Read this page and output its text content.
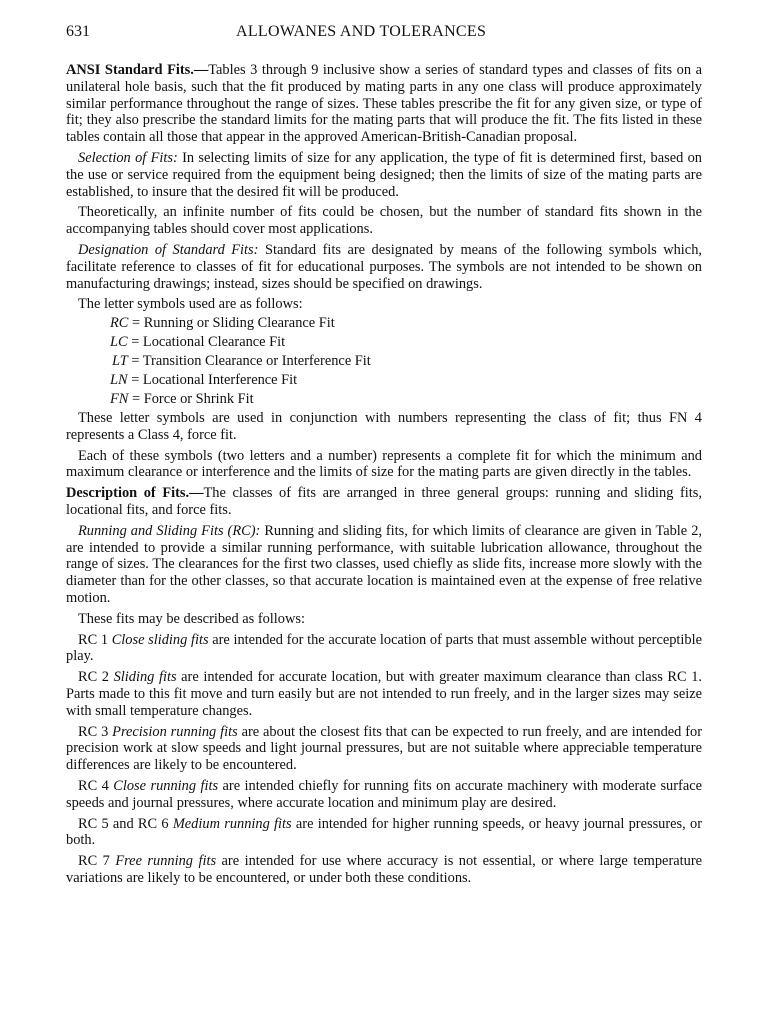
631	ALLOWANES AND TOLERANCES

ANSI Standard Fits.—Tables 3 through 9 inclusive show a series of standard types and classes of fits on a unilateral hole basis, such that the fit produced by mating parts in any one class will produce approximately similar performance throughout the range of sizes. These tables prescribe the fit for any given size, or type of fit; they also prescribe the standard limits for the mating parts that will produce the fit. The fits listed in these tables contain all those that appear in the approved American-British-Canadian proposal.

Selection of Fits: In selecting limits of size for any application, the type of fit is determined first, based on the use or service required from the equipment being designed; then the limits of size of the mating parts are established, to insure that the desired fit will be produced.

Theoretically, an infinite number of fits could be chosen, but the number of standard fits shown in the accompanying tables should cover most applications.

Designation of Standard Fits: Standard fits are designated by means of the following symbols which, facilitate reference to classes of fit for educational purposes. The symbols are not intended to be shown on manufacturing drawings; instead, sizes should be specified on drawings.

The letter symbols used are as follows:

RC = Running or Sliding Clearance Fit
LC = Locational Clearance Fit
LT = Transition Clearance or Interference Fit
LN = Locational Interference Fit
FN = Force or Shrink Fit

These letter symbols are used in conjunction with numbers representing the class of fit; thus FN 4 represents a Class 4, force fit.

Each of these symbols (two letters and a number) represents a complete fit for which the minimum and maximum clearance or interference and the limits of size for the mating parts are given directly in the tables.

Description of Fits.—The classes of fits are arranged in three general groups: running and sliding fits, locational fits, and force fits.

Running and Sliding Fits (RC): Running and sliding fits, for which limits of clearance are given in Table 2, are intended to provide a similar running performance, with suitable lubrication allowance, throughout the range of sizes. The clearances for the first two classes, used chiefly as slide fits, increase more slowly with the diameter than for the other classes, so that accurate location is maintained even at the expense of free relative motion.

These fits may be described as follows:

RC 1 Close sliding fits are intended for the accurate location of parts that must assemble without perceptible play.

RC 2 Sliding fits are intended for accurate location, but with greater maximum clearance than class RC 1. Parts made to this fit move and turn easily but are not intended to run freely, and in the larger sizes may seize with small temperature changes.

RC 3 Precision running fits are about the closest fits that can be expected to run freely, and are intended for precision work at slow speeds and light journal pressures, but are not suitable where appreciable temperature differences are likely to be encountered.

RC 4 Close running fits are intended chiefly for running fits on accurate machinery with moderate surface speeds and journal pressures, where accurate location and minimum play are desired.

RC 5 and RC 6 Medium running fits are intended for higher running speeds, or heavy journal pressures, or both.

RC 7 Free running fits are intended for use where accuracy is not essential, or where large temperature variations are likely to be encountered, or under both these conditions.
